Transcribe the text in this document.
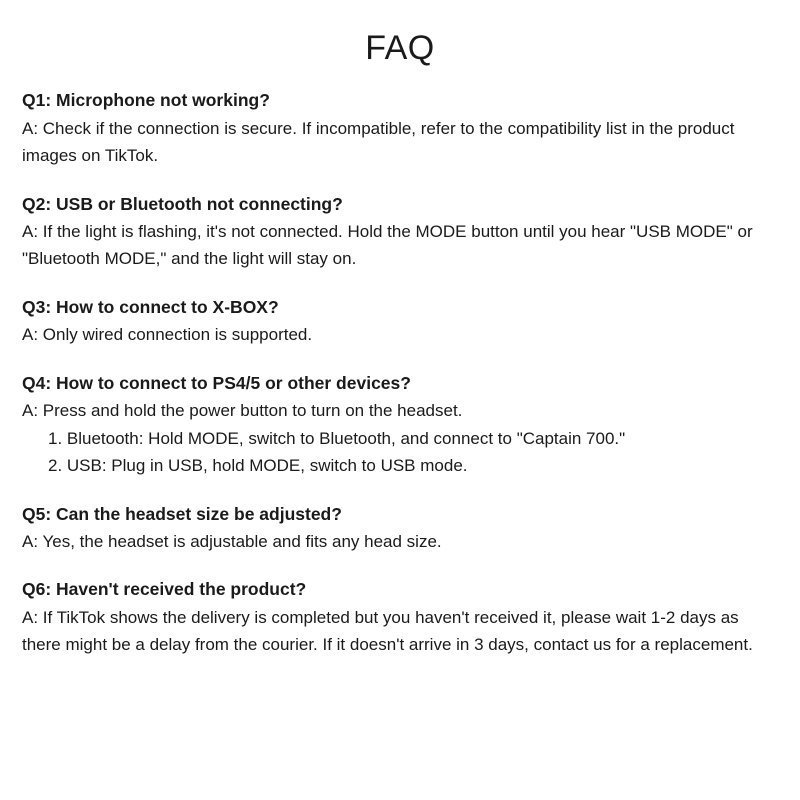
FAQ

Q1: Microphone not working?

A: Check if the connection is secure. If incompatible, refer to the compatibility list in the product images on TikTok.

Q2: USB or Bluetooth not connecting?

A: If the light is flashing, it's not connected. Hold the MODE button until you hear "USB MODE" or "Bluetooth MODE," and the light will stay on.

Q3: How to connect to X-BOX?

A: Only wired connection is supported.

Q4: How to connect to PS4/5 or other devices?

A: Press and hold the power button to turn on the headset.

1. Bluetooth: Hold MODE, switch to Bluetooth, and connect to "Captain 700."
2. USB: Plug in USB, hold MODE, switch to USB mode.

Q5: Can the headset size be adjusted?

A: Yes, the headset is adjustable and fits any head size.

Q6: Haven't received the product?

A: If TikTok shows the delivery is completed but you haven't received it, please wait 1-2 days as there might be a delay from the courier. If it doesn't arrive in 3 days, contact us for a replacement.
